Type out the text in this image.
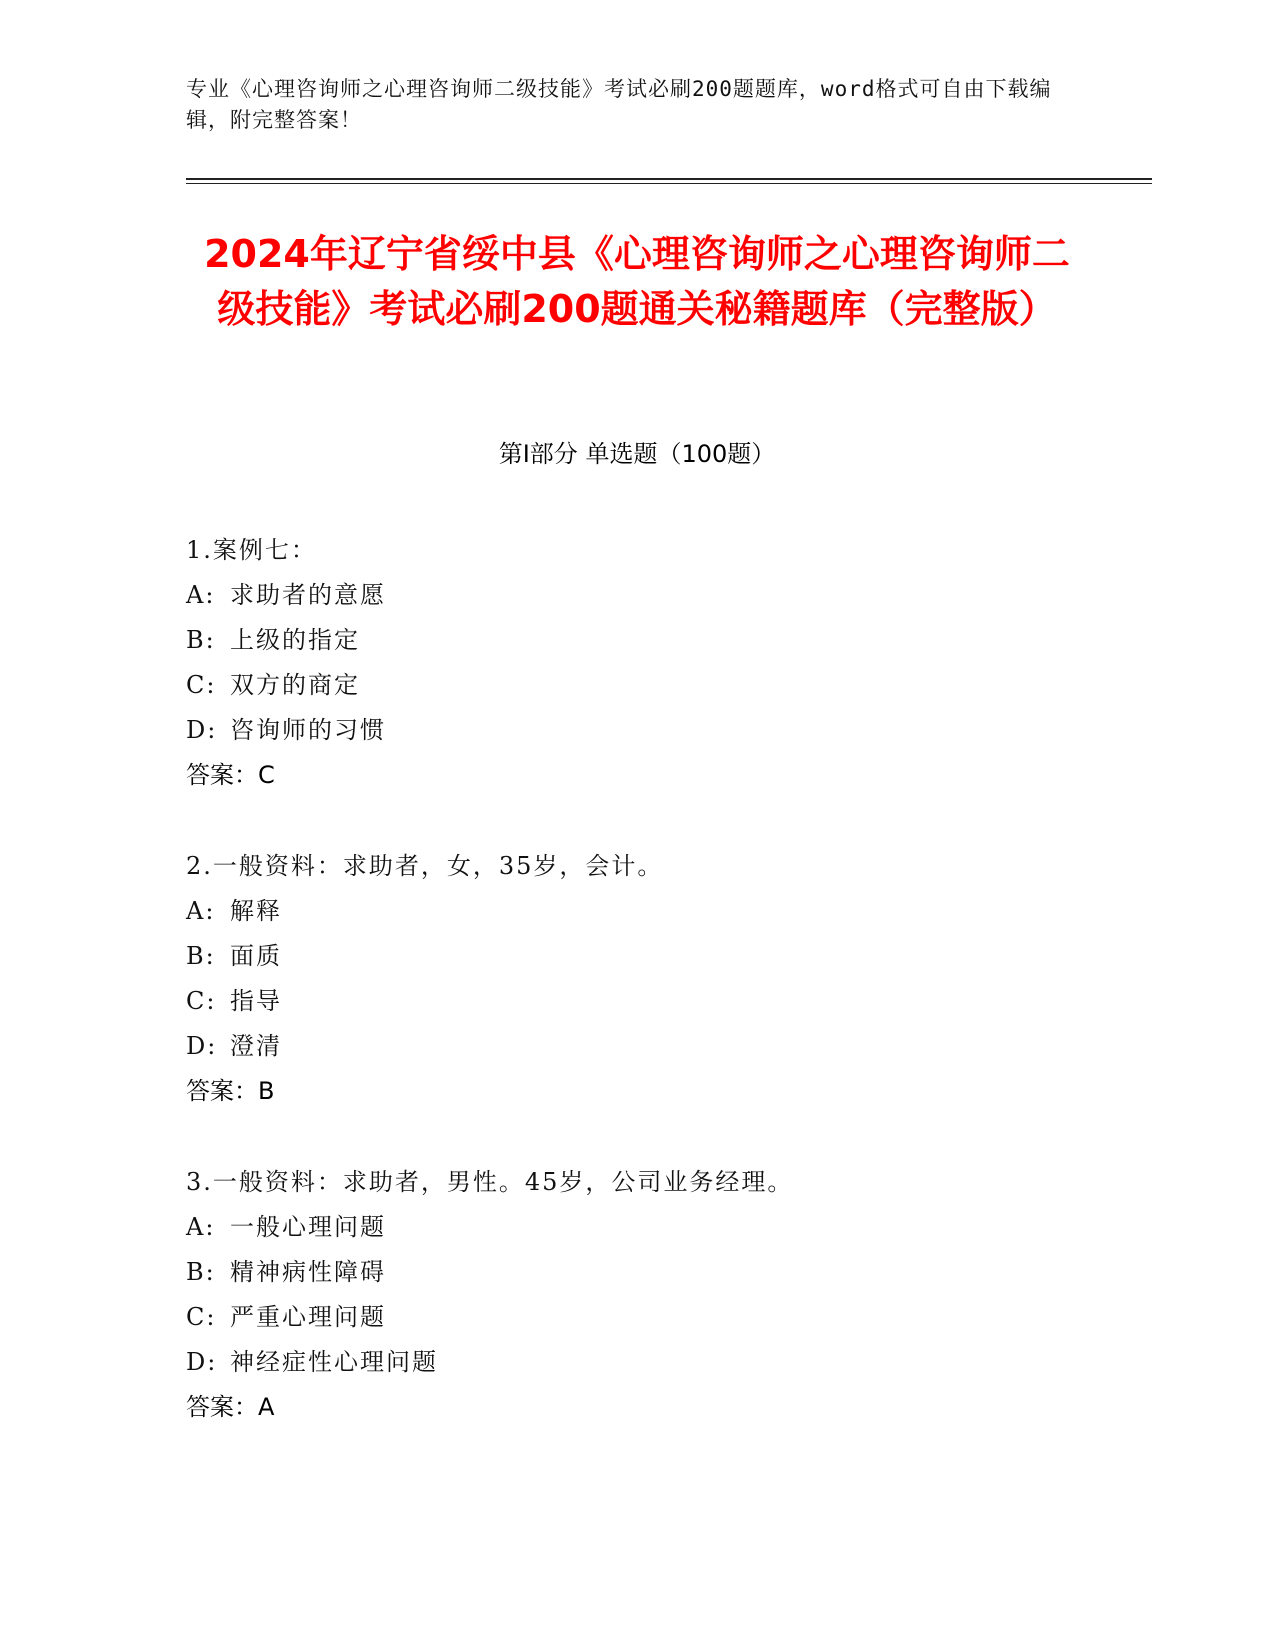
专业《心理咨询师之心理咨询师二级技能》考试必刷200题题库，word格式可自由下载编辑，附完整答案！
2024年辽宁省绥中县《心理咨询师之心理咨询师二级技能》考试必刷200题通关秘籍题库（完整版）
第I部分 单选题（100题）
1.案例七：
A: 求助者的意愿
B: 上级的指定
C: 双方的商定
D: 咨询师的习惯
答案：C
2.一般资料：求助者，女，35岁，会计。
A: 解释
B: 面质
C: 指导
D: 澄清
答案：B
3.一般资料：求助者，男性。45岁，公司业务经理。
A: 一般心理问题
B: 精神病性障碍
C: 严重心理问题
D: 神经症性心理问题
答案：A
